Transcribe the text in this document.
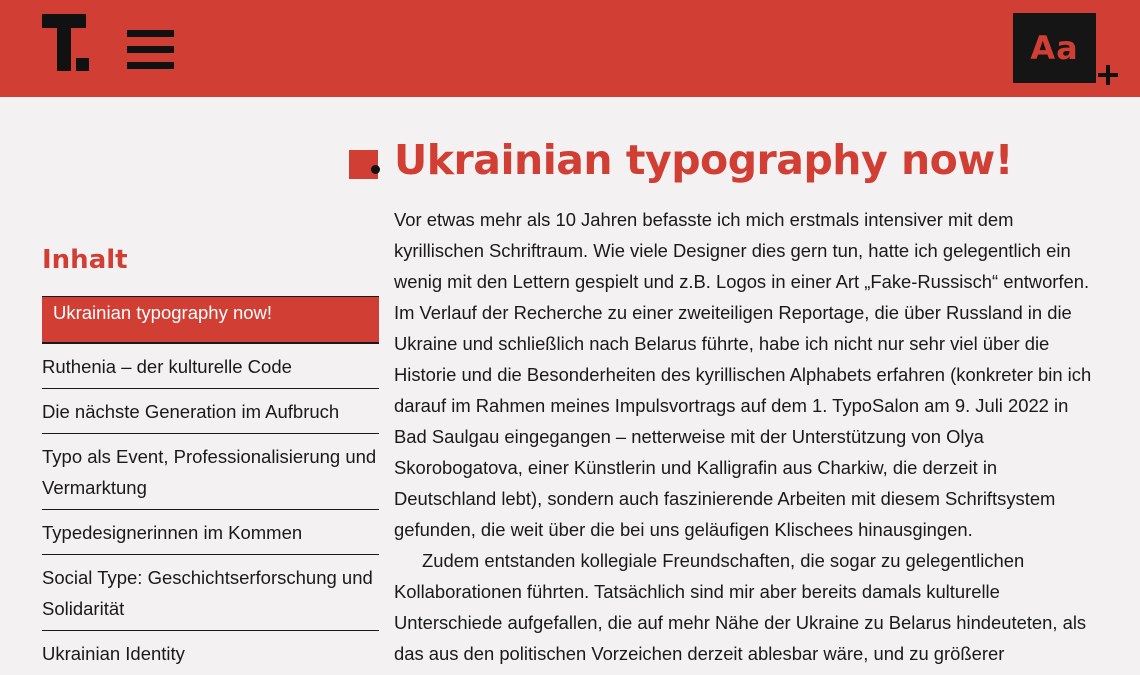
Aa
Ukrainian typography now!
Inhalt
Ukrainian typography now!
Ruthenia – der kulturelle Code
Die nächste Generation im Aufbruch
Typo als Event, Professionalisierung und Vermarktung
Typedesignerinnen im Kommen
Social Type: Geschichtserforschung und Solidarität
Ukrainian Identity

Vor etwas mehr als 10 Jahren befasste ich mich erstmals intensiver mit dem kyrillischen Schriftraum. Wie viele Designer dies gern tun, hatte ich gelegentlich ein wenig mit den Lettern gespielt und z.B. Logos in einer Art „Fake-Russisch“ entworfen. Im Verlauf der Recherche zu einer zweiteiligen Reportage, die über Russland in die Ukraine und schließlich nach Belarus führte, habe ich nicht nur sehr viel über die Historie und die Besonderheiten des kyrillischen Alphabets erfahren (konkreter bin ich darauf im Rahmen meines Impulsvortrags auf dem 1. TypoSalon am 9. Juli 2022 in Bad Saulgau eingegangen – netterweise mit der Unterstützung von Olya Skorobogatova, einer Künstlerin und Kalligrafin aus Charkiw, die derzeit in Deutschland lebt), sondern auch faszinierende Arbeiten mit diesem Schriftsystem gefunden, die weit über die bei uns geläufigen Klischees hinausgingen.

Zudem entstanden kollegiale Freundschaften, die sogar zu gelegentlichen Kollaborationen führten. Tatsächlich sind mir aber bereits damals kulturelle Unterschiede aufgefallen, die auf mehr Nähe der Ukraine zu Belarus hindeuteten, als das aus den politischen Vorzeichen derzeit ablesbar wäre, und zu größerer
